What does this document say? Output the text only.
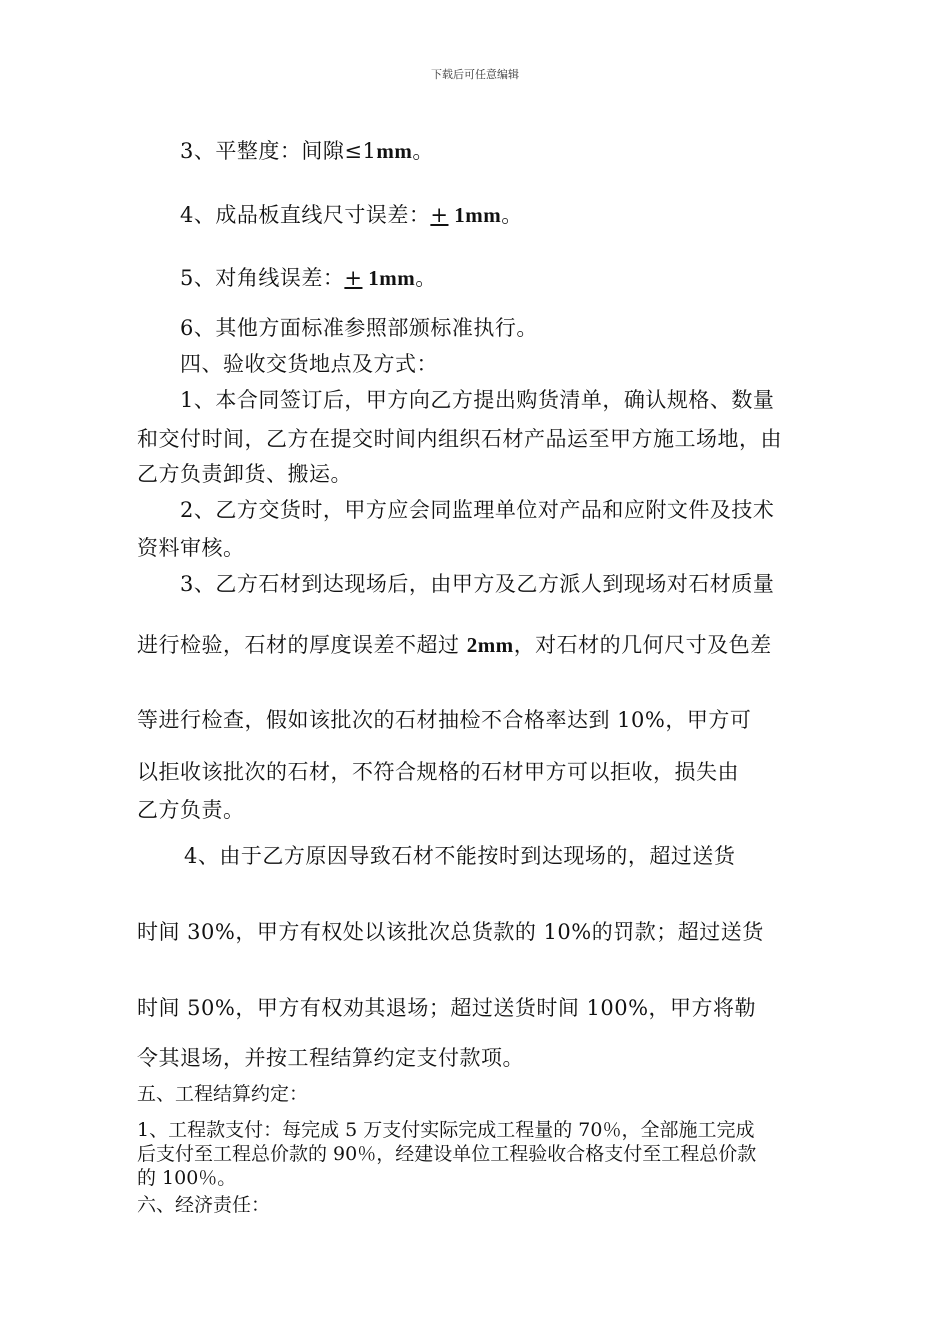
下载后可任意编辑
3、平整度：间隙≤1mm。
4、成品板直线尺寸误差：+ 1mm。
5、对角线误差：+ 1mm。
6、其他方面标准参照部颁标准执行。
四、验收交货地点及方式：
1、本合同签订后，甲方向乙方提出购货清单，确认规格、数量
和交付时间，乙方在提交时间内组织石材产品运至甲方施工场地，由
乙方负责卸货、搬运。
2、乙方交货时，甲方应会同监理单位对产品和应附文件及技术
资料审核。
3、乙方石材到达现场后，由甲方及乙方派人到现场对石材质量
进行检验，石材的厚度误差不超过 2mm，对石材的几何尺寸及色差
等进行检查，假如该批次的石材抽检不合格率达到 10%，甲方可
以拒收该批次的石材，不符合规格的石材甲方可以拒收，损失由
乙方负责。
4、由于乙方原因导致石材不能按时到达现场的，超过送货
时间 30%，甲方有权处以该批次总货款的 10%的罚款；超过送货
时间 50%，甲方有权劝其退场；超过送货时间 100%，甲方将勒
令其退场，并按工程结算约定支付款项。
五、工程结算约定：
1、工程款支付：每完成 5 万支付实际完成工程量的 70％，全部施工完成
后支付至工程总价款的 90％，经建设单位工程验收合格支付至工程总价款
的 100％。
六、经济责任：
